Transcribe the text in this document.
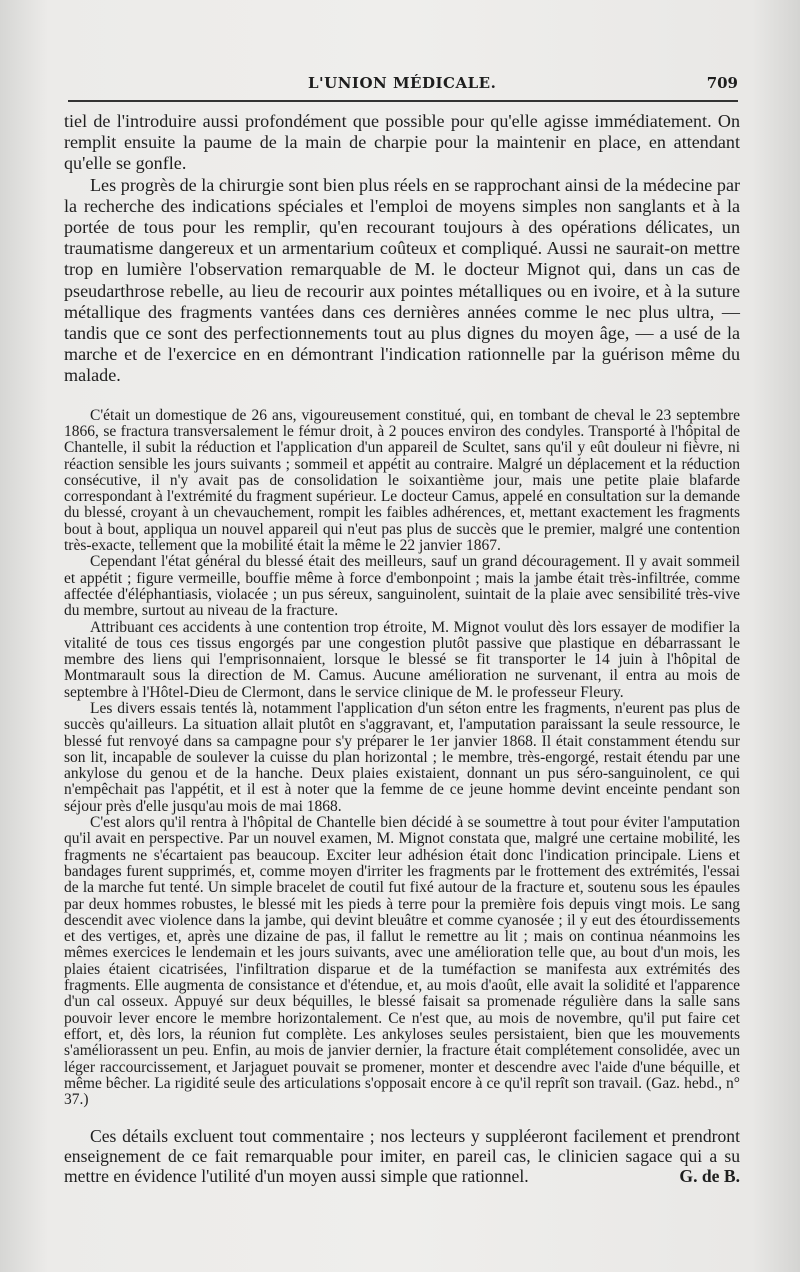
L'UNION MÉDICALE.	709

tiel de l'introduire aussi profondément que possible pour qu'elle agisse immédiatement. On remplit ensuite la paume de la main de charpie pour la maintenir en place, en attendant qu'elle se gonfle.

Les progrès de la chirurgie sont bien plus réels en se rapprochant ainsi de la médecine par la recherche des indications spéciales et l'emploi de moyens simples non sanglants et à la portée de tous pour les remplir, qu'en recourant toujours à des opérations délicates, un traumatisme dangereux et un armentarium coûteux et compliqué. Aussi ne saurait-on mettre trop en lumière l'observation remarquable de M. le docteur Mignot qui, dans un cas de pseudarthrose rebelle, au lieu de recourir aux pointes métalliques ou en ivoire, et à la suture métallique des fragments vantées dans ces dernières années comme le nec plus ultra, — tandis que ce sont des perfectionnements tout au plus dignes du moyen âge, — a usé de la marche et de l'exercice en en démontrant l'indication rationnelle par la guérison même du malade.

C'était un domestique de 26 ans, vigoureusement constitué, qui, en tombant de cheval le 23 septembre 1866, se fractura transversalement le fémur droit, à 2 pouces environ des condyles. Transporté à l'hôpital de Chantelle, il subit la réduction et l'application d'un appareil de Scultet, sans qu'il y eût douleur ni fièvre, ni réaction sensible les jours suivants ; sommeil et appétit au contraire. Malgré un déplacement et la réduction consécutive, il n'y avait pas de consolidation le soixantième jour, mais une petite plaie blafarde correspondant à l'extrémité du fragment supérieur. Le docteur Camus, appelé en consultation sur la demande du blessé, croyant à un chevauchement, rompit les faibles adhérences, et, mettant exactement les fragments bout à bout, appliqua un nouvel appareil qui n'eut pas plus de succès que le premier, malgré une contention très-exacte, tellement que la mobilité était la même le 22 janvier 1867.

Cependant l'état général du blessé était des meilleurs, sauf un grand découragement. Il y avait sommeil et appétit ; figure vermeille, bouffie même à force d'embonpoint ; mais la jambe était très-infiltrée, comme affectée d'éléphantiasis, violacée ; un pus séreux, sanguinolent, suintait de la plaie avec sensibilité très-vive du membre, surtout au niveau de la fracture.

Attribuant ces accidents à une contention trop étroite, M. Mignot voulut dès lors essayer de modifier la vitalité de tous ces tissus engorgés par une congestion plutôt passive que plastique en débarrassant le membre des liens qui l'emprisonnaient, lorsque le blessé se fit transporter le 14 juin à l'hôpital de Montmarault sous la direction de M. Camus. Aucune amélioration ne survenant, il entra au mois de septembre à l'Hôtel-Dieu de Clermont, dans le service clinique de M. le professeur Fleury.

Les divers essais tentés là, notamment l'application d'un séton entre les fragments, n'eurent pas plus de succès qu'ailleurs. La situation allait plutôt en s'aggravant, et, l'amputation paraissant la seule ressource, le blessé fut renvoyé dans sa campagne pour s'y préparer le 1er janvier 1868. Il était constamment étendu sur son lit, incapable de soulever la cuisse du plan horizontal ; le membre, très-engorgé, restait étendu par une ankylose du genou et de la hanche. Deux plaies existaient, donnant un pus séro-sanguinolent, ce qui n'empêchait pas l'appétit, et il est à noter que la femme de ce jeune homme devint enceinte pendant son séjour près d'elle jusqu'au mois de mai 1868.

C'est alors qu'il rentra à l'hôpital de Chantelle bien décidé à se soumettre à tout pour éviter l'amputation qu'il avait en perspective. Par un nouvel examen, M. Mignot constata que, malgré une certaine mobilité, les fragments ne s'écartaient pas beaucoup. Exciter leur adhésion était donc l'indication principale. Liens et bandages furent supprimés, et, comme moyen d'irriter les fragments par le frottement des extrémités, l'essai de la marche fut tenté. Un simple bracelet de coutil fut fixé autour de la fracture et, soutenu sous les épaules par deux hommes robustes, le blessé mit les pieds à terre pour la première fois depuis vingt mois. Le sang descendit avec violence dans la jambe, qui devint bleuâtre et comme cyanosée ; il y eut des étourdissements et des vertiges, et, après une dizaine de pas, il fallut le remettre au lit ; mais on continua néanmoins les mêmes exercices le lendemain et les jours suivants, avec une amélioration telle que, au bout d'un mois, les plaies étaient cicatrisées, l'infiltration disparue et de la tuméfaction se manifesta aux extrémités des fragments. Elle augmenta de consistance et d'étendue, et, au mois d'août, elle avait la solidité et l'apparence d'un cal osseux. Appuyé sur deux béquilles, le blessé faisait sa promenade régulière dans la salle sans pouvoir lever encore le membre horizontalement. Ce n'est que, au mois de novembre, qu'il put faire cet effort, et, dès lors, la réunion fut complète. Les ankyloses seules persistaient, bien que les mouvements s'améliorassent un peu. Enfin, au mois de janvier dernier, la fracture était complétement consolidée, avec un léger raccourcissement, et Jarjaguet pouvait se promener, monter et descendre avec l'aide d'une béquille, et même bêcher. La rigidité seule des articulations s'opposait encore à ce qu'il reprît son travail. (Gaz. hebd., n° 37.)

Ces détails excluent tout commentaire ; nos lecteurs y suppléeront facilement et prendront enseignement de ce fait remarquable pour imiter, en pareil cas, le clinicien sagace qui a su mettre en évidence l'utilité d'un moyen aussi simple que rationnel.	G. de B.
